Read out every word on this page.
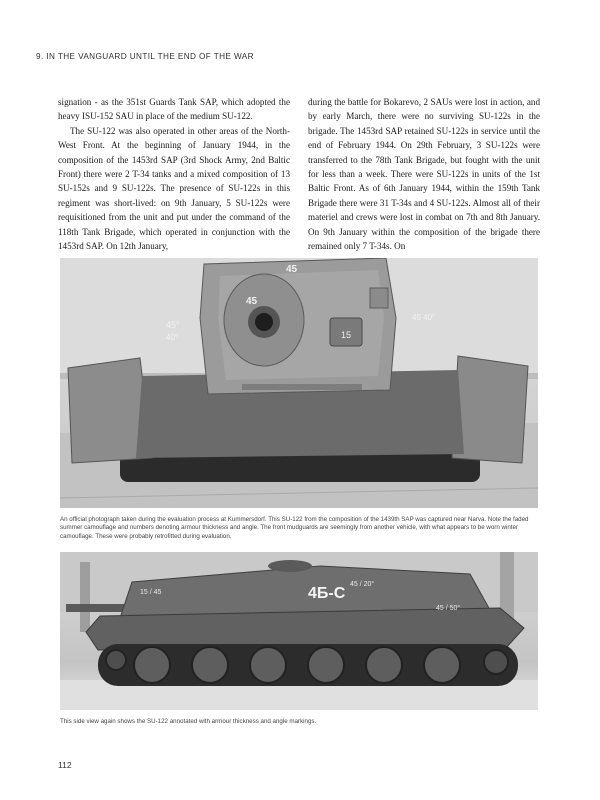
9. IN THE VANGUARD UNTIL THE END OF THE WAR

signation - as the 351st Guards Tank SAP, which adopted the heavy ISU-152 SAU in place of the medium SU-122.

The SU-122 was also operated in other areas of the North-West Front. At the beginning of January 1944, in the composition of the 1453rd SAP (3rd Shock Army, 2nd Baltic Front) there were 2 T-34 tanks and a mixed composition of 13 SU-152s and 9 SU-122s. The presence of SU-122s in this regiment was short-lived: on 9th January, 5 SU-122s were requisitioned from the unit and put under the command of the 118th Tank Brigade, which operated in conjunction with the 1453rd SAP. On 12th January,

during the battle for Bokarevo, 2 SAUs were lost in action, and by early March, there were no surviving SU-122s in the brigade. The 1453rd SAP retained SU-122s in service until the end of February 1944. On 29th February, 3 SU-122s were transferred to the 78th Tank Brigade, but fought with the unit for less than a week. There were SU-122s in units of the 1st Baltic Front. As of 6th January 1944, within the 159th Tank Brigade there were 31 T-34s and 4 SU-122s. Almost all of their materiel and crews were lost in combat on 7th and 8th January. On 9th January within the composition of the brigade there remained only 7 T-34s. On

15
45
45
45°
40°
45 40°
An official photograph taken during the evaluation process at Kummersdorf. This SU-122 from the composition of the 1439th SAP was captured near Narva. Note the faded summer camouflage and numbers denoting armour thickness and angle. The front mudguards are seemingly from another vehicle, with what appears to be worn winter camouflage. These were probably retrofitted during evaluation.
4Б-С
45 / 20°
45 / 50°
15 / 45
This side view again shows the SU-122 annotated with armour thickness and angle markings.
112
